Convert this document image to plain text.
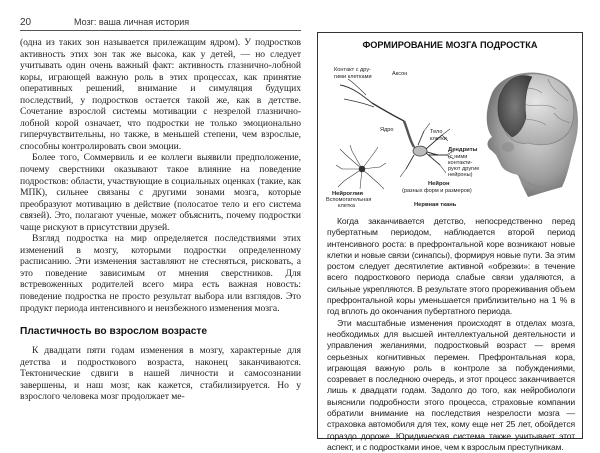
20	Мозг: ваша личная история

(одна из таких зон называется прилежащим ядром). У подростков активность этих зон так же высока, как у детей, — но следует учитывать один очень важный факт: активность глазнично-лобной коры, играющей важную роль в этих процессах, как принятие оперативных решений, внимание и симуляция будущих последствий, у подростков остается такой же, как в детстве. Сочетание взрослой системы мотивации с незрелой глазнично-лобной корой означает, что подростки не только эмоционально гиперчувствительны, но также, в меньшей степени, чем взрослые, способны контролировать свои эмоции.

Более того, Соммервиль и ее коллеги выявили предположение, почему сверстники оказывают такое влияние на поведение подростков: области, участвующие в социальных оценках (такие, как МПК), сильнее связаны с другими зонами мозга, которые преобразуют мотивацию в действие (полосатое тело и его система связей). Это, полагают ученые, может объяснить, почему подростки чаще рискуют в присутствии друзей.

Взгляд подростка на мир определяется последствиями этих изменений в мозгу, которыми подростки определенному расписанию. Эти изменения заставляют не стесняться, рисковать, а это поведение зависимым от мнения сверстников. Для встревоженных родителей всего мира есть важная новость: поведение подростка не просто результат выбора или взглядов. Это продукт периода интенсивного и неизбежного изменения мозга.

Пластичность во взрослом возрасте

К двадцати пяти годам изменения в мозгу, характерные для детства и подросткового возраста, наконец заканчиваются. Тектонические сдвиги в нашей личности и самосознании завершены, и наш мозг, как кажется, стабилизируется. Но у взрослого человека мозг продолжает ме-

ФОРМИРОВАНИЕ МОЗГА ПОДРОСТКА
Контакт с дру-
гими клетками	Аксон
Ядро	Тело
клетки
Дендриты
(с ними
контакти-
руют другие
нейроны)
Нейроглия
Вспомогательная
клетка
Нейрон
(разных форм и размеров)
Нервная ткань

Когда заканчивается детство, непосредственно перед пубертатным периодом, наблюдается второй период интенсивного роста: в префронтальной коре возникают новые клетки и новые связи (синапсы), формируя новые пути. За этим ростом следует десятилетие активной «обрезки»: в течение всего подросткового периода слабые связи удаляются, а сильные укрепляются. В результате этого прореживания объем префронтальной коры уменьшается приблизительно на 1 % в год вплоть до окончания пубертатного периода.

Эти масштабные изменения происходят в отделах мозга, необходимых для высшей интеллектуальной деятельности и управления желаниями, подростковый возраст — время серьезных когнитивных перемен. Префронтальная кора, играющая важную роль в контроле за побуждениями, созревает в последнюю очередь, и этот процесс заканчивается лишь к двадцати годам. Задолго до того, как нейробиологи выяснили подробности этого процесса, страховые компании обратили внимание на последствия незрелости мозга — страховка автомобиля для тех, кому еще нет 25 лет, обойдется гораздо дороже. Юридическая система также учитывает этот аспект, и с подростками иное, чем к взрослым преступникам.
